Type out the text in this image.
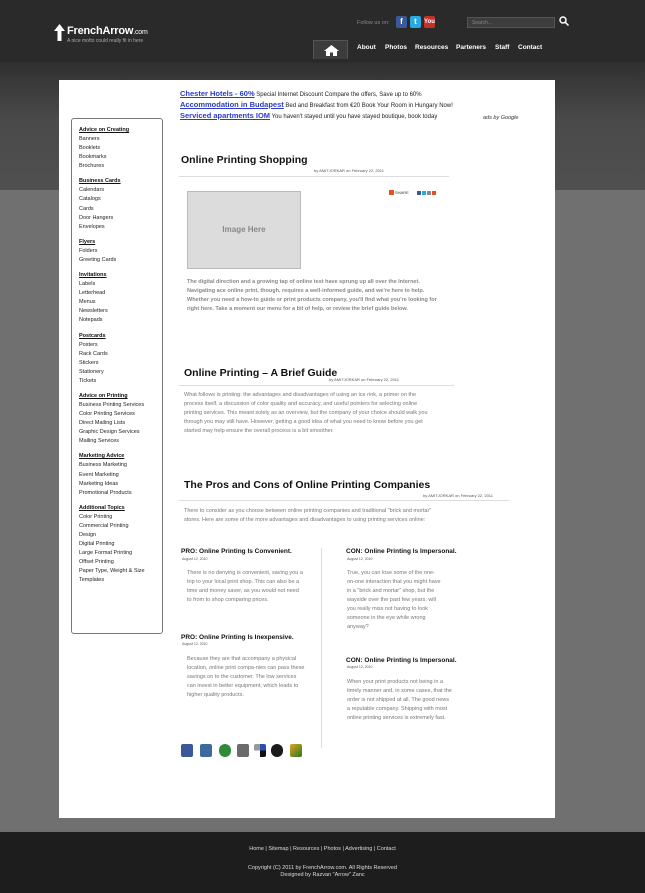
FrenchArrow.com
A nice motto could really fit in here
Follow us on:	f	t	You	Search...
About Photos Resources Parteners Staff Contact
Chester Hotels - 60% Special Internet Discount Compare the offers, Save up to 60%
Accommodation in Budapest Bed and Breakfast from €20 Book Your Room in Hungary Now!
Serviced apartments IOM You haven't stayed until you have stayed boutique, book today	ads by Google
Advice on Creating
Banners
Booklets
Bookmarks
Brochures
Business Cards
Calendars
Catalogs
Cards
Door Hangers
Envelopes
Flyers
Folders
Greeting Cards
Invitations
Labels
Letterhead
Menus
Newsletters
Notepads
Postcards
Posters
Rack Cards
Stickers
Stationery
Tickets
Advice on Printing
Business Printing Services
Color Printing Services
Direct Mailing Lists
Graphic Design Services
Mailing Services
Marketing Advice
Business Marketing
Event Marketing
Marketing Ideas
Promotional Products
Additional Topics
Color Printing
Commercial Printing
Design
Digital Printing
Large Format Printing
Offset Printing
Paper Type, Weight & Size
Templates
Online Printing Shopping
by AMITJORKAR on February 22, 2011
SHARE
Image Here
The digital direction and a growing tap of online test have sprung up all over the Internet. Navigating ace online print, though, requires a well-informed guide, and we're here to help. Whether you need a how-to guide or print products company, you'll find what you're looking for right here. Take a moment our menu for a bit of help, or review the brief guide below.
Online Printing – A Brief Guide
by AMITJORKAR on February 22, 2011
What follows is printing: the advantages and disadvantages of using an ice rink, a primer on the process itself, a discussion of color quality and accuracy, and useful pointers for selecting online printing services. This meant solely as an overview, but the company of your choice should walk you through you may still have. However, getting a good idea of what you need to know before you get started may help ensure the overall process is a bit smoother.
The Pros and Cons of Online Printing Companies
by AMITJORKAR on February 22, 2011
There to consider as you choose between online printing companies and traditional "brick and mortar" stores. Here are some of the more advantages and disadvantages to using printing services online:
PRO: Online Printing Is Convenient.
August 12, 2010
There is no denying is convenient, saving you a trip to your local print shop. This can also be a time and money saver, as you would not need to from to shop comparing prices.
PRO: Online Printing Is Inexpensive.
August 12, 2010
Because they are that accompany a physical location, online print compa-nies can pass these savings on to the customer. The low services can invest in better equipment, which leads to higher quality products.
CON: Online Printing Is Impersonal.
August 12, 2010
True, you can lose some of the one-on-one interaction that you might have in a "brick and mortar" shop, but the wayside over the past few years, will you really miss not having to look someone in the eye while wrong anyway?
CON: Online Printing Is Impersonal.
August 12, 2010
When your print products not being in a timely manner and, in some cases, that the order is not shipped at all. The good news a reputable company. Shipping with most online printing services is extremely fast.
Home | Sitemap | Resources | Photos | Advertising | Contact
Copyright (C) 2011 by FrenchArrow.com. All Rights Reserved
Designed by Razvan "Arrow" Zanc
